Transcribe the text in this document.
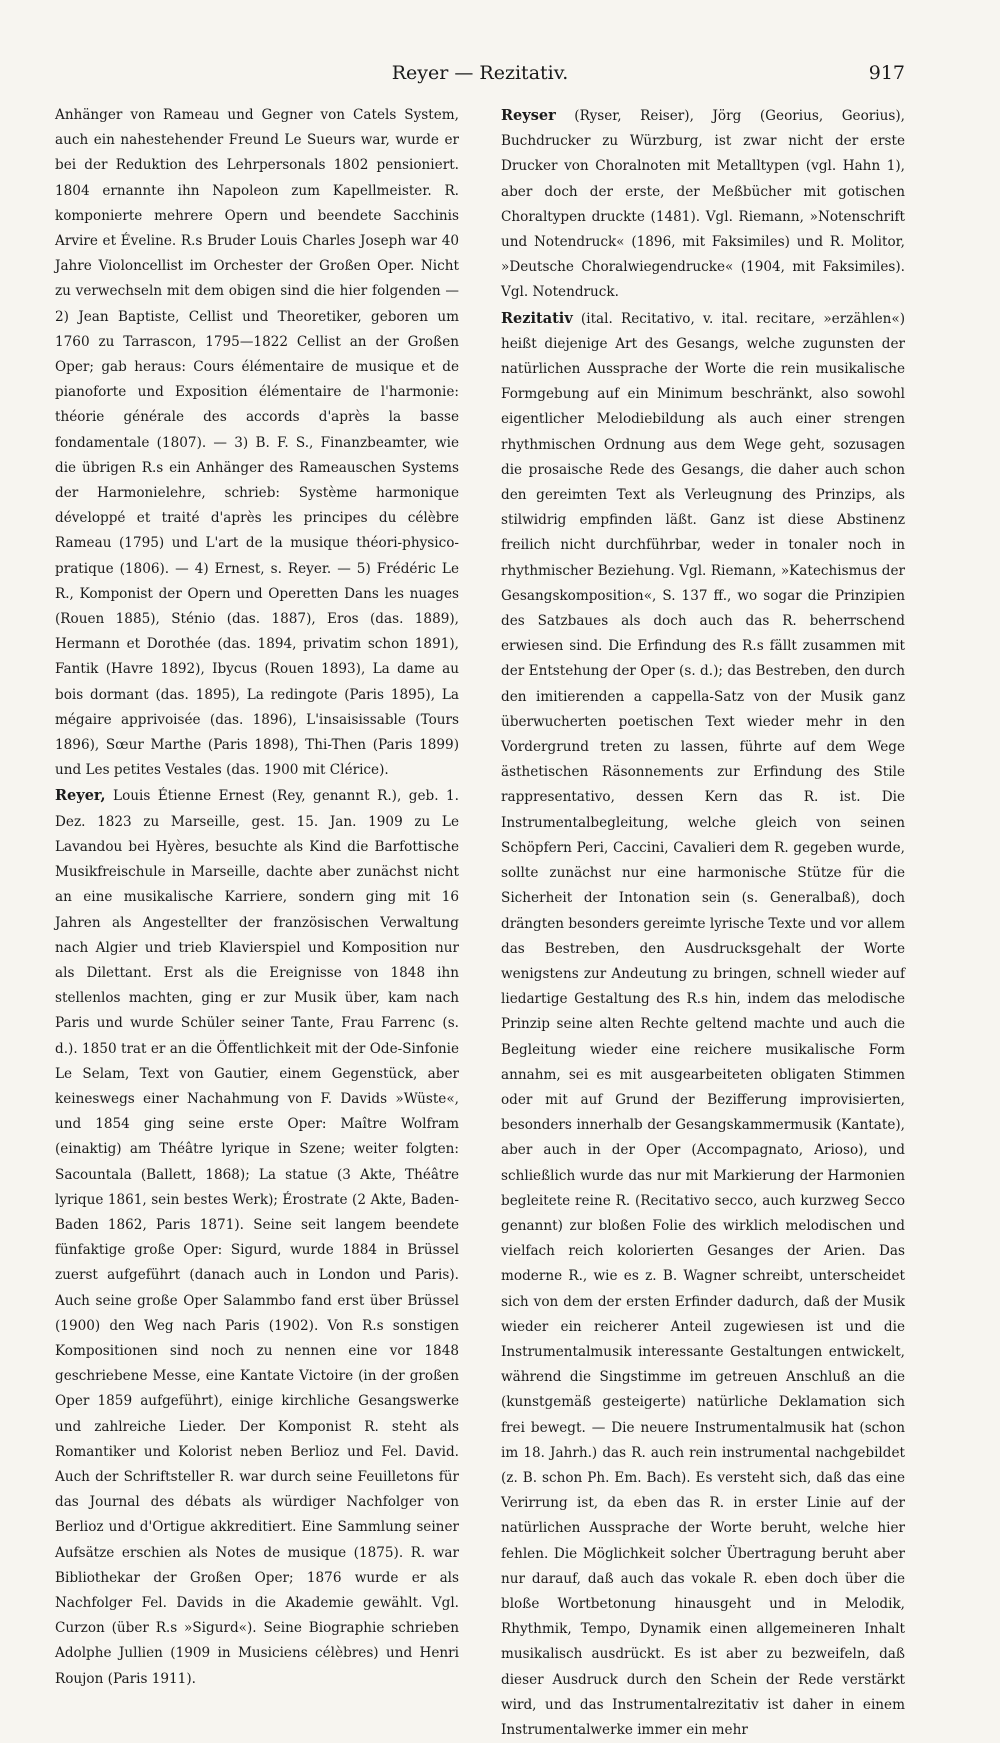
Reyer — Rezitativ.	917

Anhänger von Rameau und Gegner von Catels System, auch ein nahestehender Freund Le Sueurs war, wurde er bei der Reduktion des Lehrpersonals 1802 pensioniert. 1804 ernannte ihn Napoleon zum Kapellmeister. R. komponierte mehrere Opern und beendete Sacchinis Arvire et Éveline. R.s Bruder Louis Charles Joseph war 40 Jahre Violoncellist im Orchester der Großen Oper. Nicht zu verwechseln mit dem obigen sind die hier folgenden — 2) Jean Baptiste, Cellist und Theoretiker, geboren um 1760 zu Tarrascon, 1795—1822 Cellist an der Großen Oper; gab heraus: Cours élémentaire de musique et de pianoforte und Exposition élémentaire de l'harmonie: théorie générale des accords d'après la basse fondamentale (1807). — 3) B. F. S., Finanzbeamter, wie die übrigen R.s ein Anhänger des Rameauschen Systems der Harmonielehre, schrieb: Système harmonique développé et traité d'après les principes du célèbre Rameau (1795) und L'art de la musique théori-physico-pratique (1806). — 4) Ernest, s. Reyer. — 5) Frédéric Le R., Komponist der Opern und Operetten Dans les nuages (Rouen 1885), Sténio (das. 1887), Eros (das. 1889), Hermann et Dorothée (das. 1894, privatim schon 1891), Fantik (Havre 1892), Ibycus (Rouen 1893), La dame au bois dormant (das. 1895), La redingote (Paris 1895), La mégaire apprivoisée (das. 1896), L'insaisissable (Tours 1896), Sœur Marthe (Paris 1898), Thi-Then (Paris 1899) und Les petites Vestales (das. 1900 mit Clérice).

Reyer, Louis Étienne Ernest (Rey, genannt R.), geb. 1. Dez. 1823 zu Marseille, gest. 15. Jan. 1909 zu Le Lavandou bei Hyères, besuchte als Kind die Barfottische Musikfreischule in Marseille, dachte aber zunächst nicht an eine musikalische Karriere, sondern ging mit 16 Jahren als Angestellter der französischen Verwaltung nach Algier und trieb Klavierspiel und Komposition nur als Dilettant. Erst als die Ereignisse von 1848 ihn stellenlos machten, ging er zur Musik über, kam nach Paris und wurde Schüler seiner Tante, Frau Farrenc (s. d.). 1850 trat er an die Öffentlichkeit mit der Ode-Sinfonie Le Selam, Text von Gautier, einem Gegenstück, aber keineswegs einer Nachahmung von F. Davids »Wüste«, und 1854 ging seine erste Oper: Maître Wolfram (einaktig) am Théâtre lyrique in Szene; weiter folgten: Sacountala (Ballett, 1868); La statue (3 Akte, Théâtre lyrique 1861, sein bestes Werk); Érostrate (2 Akte, Baden-Baden 1862, Paris 1871). Seine seit langem beendete fünfaktige große Oper: Sigurd, wurde 1884 in Brüssel zuerst aufgeführt (danach auch in London und Paris). Auch seine große Oper Salammbo fand erst über Brüssel (1900) den Weg nach Paris (1902). Von R.s sonstigen Kompositionen sind noch zu nennen eine vor 1848 geschriebene Messe, eine Kantate Victoire (in der großen Oper 1859 aufgeführt), einige kirchliche Gesangswerke und zahlreiche Lieder. Der Komponist R. steht als Romantiker und Kolorist neben Berlioz und Fel. David. Auch der Schriftsteller R. war durch seine Feuilletons für das Journal des débats als würdiger Nachfolger von Berlioz und d'Ortigue akkreditiert. Eine Sammlung seiner Aufsätze erschien als Notes de musique (1875). R. war Bibliothekar der Großen Oper; 1876 wurde er als Nachfolger Fel. Davids in die Akademie gewählt. Vgl. Curzon (über R.s »Sigurd«). Seine Biographie schrieben Adolphe Jullien (1909 in Musiciens célèbres) und Henri Roujon (Paris 1911).

Reyser (Ryser, Reiser), Jörg (Georius, Georius), Buchdrucker zu Würzburg, ist zwar nicht der erste Drucker von Choralnoten mit Metalltypen (vgl. Hahn 1), aber doch der erste, der Meßbücher mit gotischen Choraltypen druckte (1481). Vgl. Riemann, »Notenschrift und Notendruck« (1896, mit Faksimiles) und R. Molitor, »Deutsche Choralwiegendrucke« (1904, mit Faksimiles). Vgl. Notendruck.

Rezitativ (ital. Recitativo, v. ital. recitare, »erzählen«) heißt diejenige Art des Gesangs, welche zugunsten der natürlichen Aussprache der Worte die rein musikalische Formgebung auf ein Minimum beschränkt, also sowohl eigentlicher Melodiebildung als auch einer strengen rhythmischen Ordnung aus dem Wege geht, sozusagen die prosaische Rede des Gesangs, die daher auch schon den gereimten Text als Verleugnung des Prinzips, als stilwidrig empfinden läßt. Ganz ist diese Abstinenz freilich nicht durchführbar, weder in tonaler noch in rhythmischer Beziehung. Vgl. Riemann, »Katechismus der Gesangskomposition«, S. 137 ff., wo sogar die Prinzipien des Satzbaues als doch auch das R. beherrschend erwiesen sind. Die Erfindung des R.s fällt zusammen mit der Entstehung der Oper (s. d.); das Bestreben, den durch den imitierenden a cappella-Satz von der Musik ganz überwucherten poetischen Text wieder mehr in den Vordergrund treten zu lassen, führte auf dem Wege ästhetischen Räsonnements zur Erfindung des Stile rappresentativo, dessen Kern das R. ist. Die Instrumentalbegleitung, welche gleich von seinen Schöpfern Peri, Caccini, Cavalieri dem R. gegeben wurde, sollte zunächst nur eine harmonische Stütze für die Sicherheit der Intonation sein (s. Generalbaß), doch drängten besonders gereimte lyrische Texte und vor allem das Bestreben, den Ausdrucksgehalt der Worte wenigstens zur Andeutung zu bringen, schnell wieder auf liedartige Gestaltung des R.s hin, indem das melodische Prinzip seine alten Rechte geltend machte und auch die Begleitung wieder eine reichere musikalische Form annahm, sei es mit ausgearbeiteten obligaten Stimmen oder mit auf Grund der Bezifferung improvisierten, besonders innerhalb der Gesangskammermusik (Kantate), aber auch in der Oper (Accompagnato, Arioso), und schließlich wurde das nur mit Markierung der Harmonien begleitete reine R. (Recitativo secco, auch kurzweg Secco genannt) zur bloßen Folie des wirklich melodischen und vielfach reich kolorierten Gesanges der Arien. Das moderne R., wie es z. B. Wagner schreibt, unterscheidet sich von dem der ersten Erfinder dadurch, daß der Musik wieder ein reicherer Anteil zugewiesen ist und die Instrumentalmusik interessante Gestaltungen entwickelt, während die Singstimme im getreuen Anschluß an die (kunstgemäß gesteigerte) natürliche Deklamation sich frei bewegt. — Die neuere Instrumentalmusik hat (schon im 18. Jahrh.) das R. auch rein instrumental nachgebildet (z. B. schon Ph. Em. Bach). Es versteht sich, daß das eine Verirrung ist, da eben das R. in erster Linie auf der natürlichen Aussprache der Worte beruht, welche hier fehlen. Die Möglichkeit solcher Übertragung beruht aber nur darauf, daß auch das vokale R. eben doch über die bloße Wortbetonung hinausgeht und in Melodik, Rhythmik, Tempo, Dynamik einen allgemeineren Inhalt musikalisch ausdrückt. Es ist aber zu bezweifeln, daß dieser Ausdruck durch den Schein der Rede verstärkt wird, und das Instrumentalrezitativ ist daher in einem Instrumentalwerke immer ein mehr
